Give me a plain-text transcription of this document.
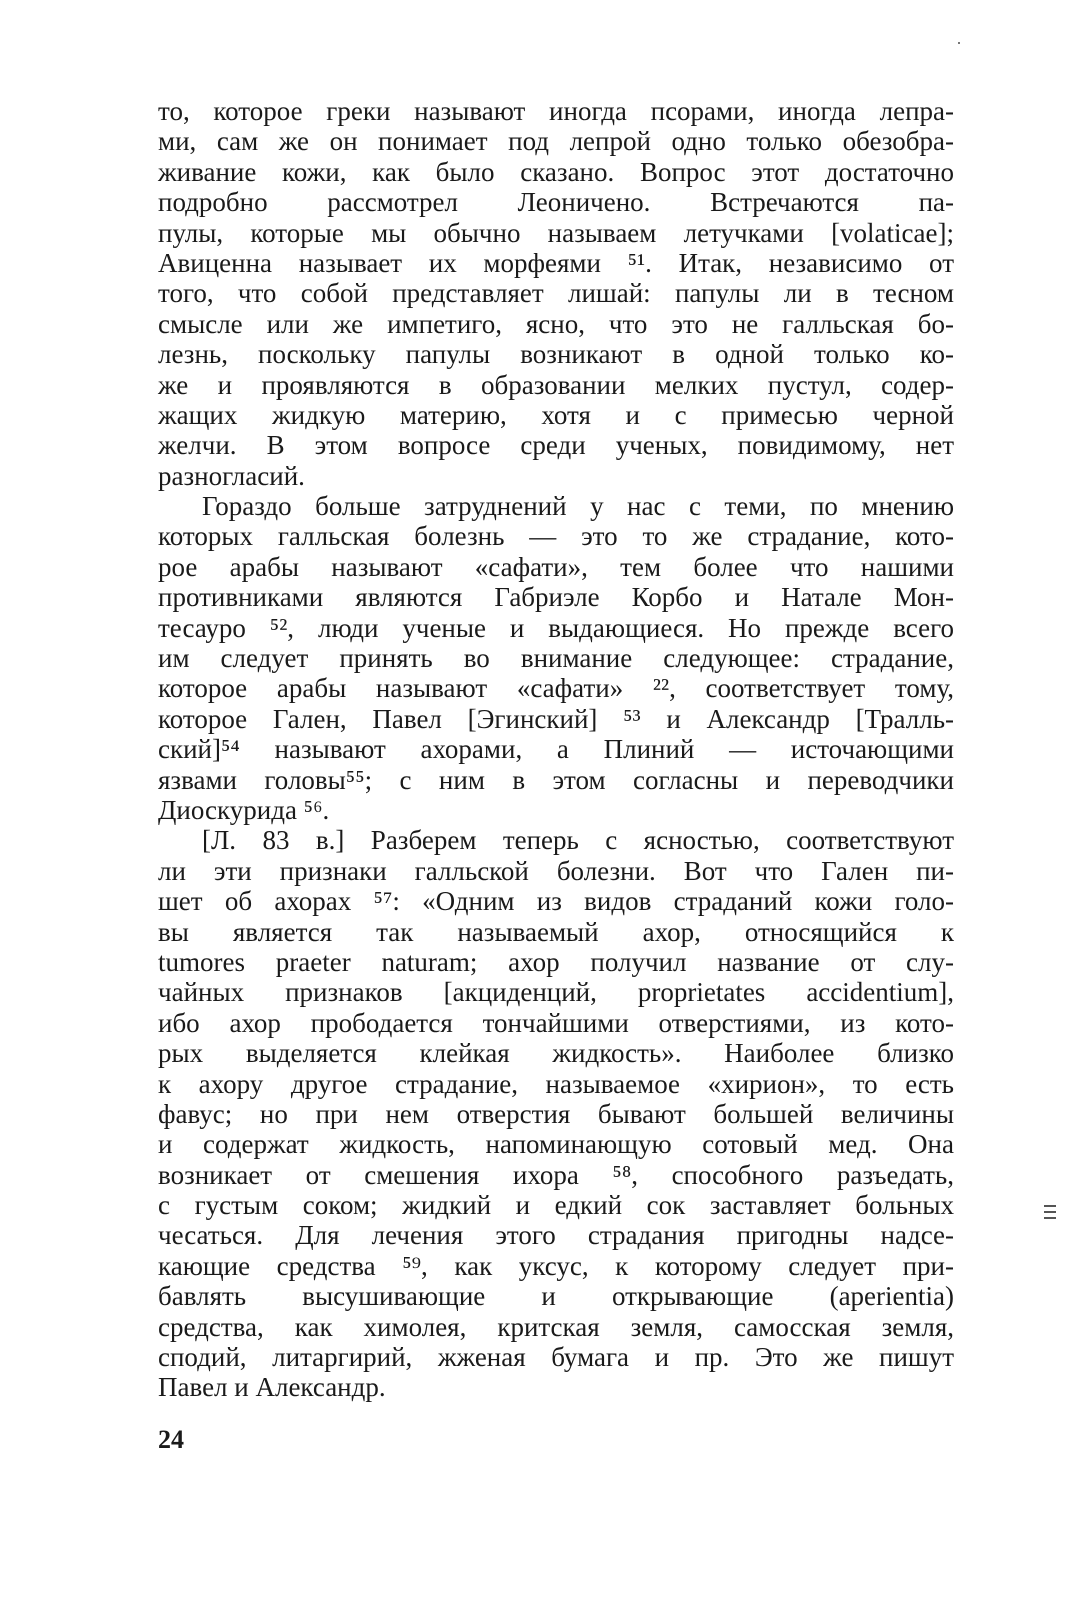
то, которое греки называют иногда псорами, иногда лепра-
ми, сам же он понимает под лепрой одно только обезобра-
живание кожи, как было сказано. Вопрос этот достаточно
подробно рассмотрел Леоничено. Встречаются па-
пулы, которые мы обычно называем летучками [volaticae];
Авиценна называет их морфеями ⁵¹. Итак, независимо от
того, что собой представляет лишай: папулы ли в тесном
смысле или же импетиго, ясно, что это не галльская бо-
лезнь, поскольку папулы возникают в одной только ко-
же и проявляются в образовании мелких пустул, содер-
жащих жидкую материю, хотя и с примесью черной
желчи. В этом вопросе среди ученых, повидимому, нет
разногласий.
Гораздо больше затруднений у нас с теми, по мнению
которых галльская болезнь — это то же страдание, кото-
рое арабы называют «сафати», тем более что нашими
противниками являются Габриэле Корбо и Натале Мон-
тесауро ⁵², люди ученые и выдающиеся. Но прежде всего
им следует принять во внимание следующее: страдание,
которое арабы называют «сафати» ²², соответствует тому,
которое Гален, Павел [Эгинский] ⁵³ и Александр [Тралль-
ский]⁵⁴ называют ахорами, а Плиний — источающими
язвами головы⁵⁵; с ним в этом согласны и переводчики
Диоскурида ⁵⁶.
[Л. 83 в.] Разберем теперь с ясностью, соответствуют
ли эти признаки галльской болезни. Вот что Гален пи-
шет об ахорах ⁵⁷: «Одним из видов страданий кожи голо-
вы является так называемый ахор, относящийся к
tumores praeter naturam; ахор получил название от слу-
чайных признаков [акциденций, proprietates accidentium],
ибо ахор прободается тончайшими отверстиями, из кото-
рых выделяется клейкая жидкость». Наиболее близко
к ахору другое страдание, называемое «хирион», то есть
фавус; но при нем отверстия бывают большей величины
и содержат жидкость, напоминающую сотовый мед. Она
возникает от смешения ихора ⁵⁸, способного разъедать,
с густым соком; жидкий и едкий сок заставляет больных
чесаться. Для лечения этого страдания пригодны надсе-
кающие средства ⁵⁹, как уксус, к которому следует при-
бавлять высушивающие и открывающие (aperientia)
средства, как химолея, критская земля, самосская земля,
сподий, литаргирий, жженая бумага и пр. Это же пишут
Павел и Александр.
24
